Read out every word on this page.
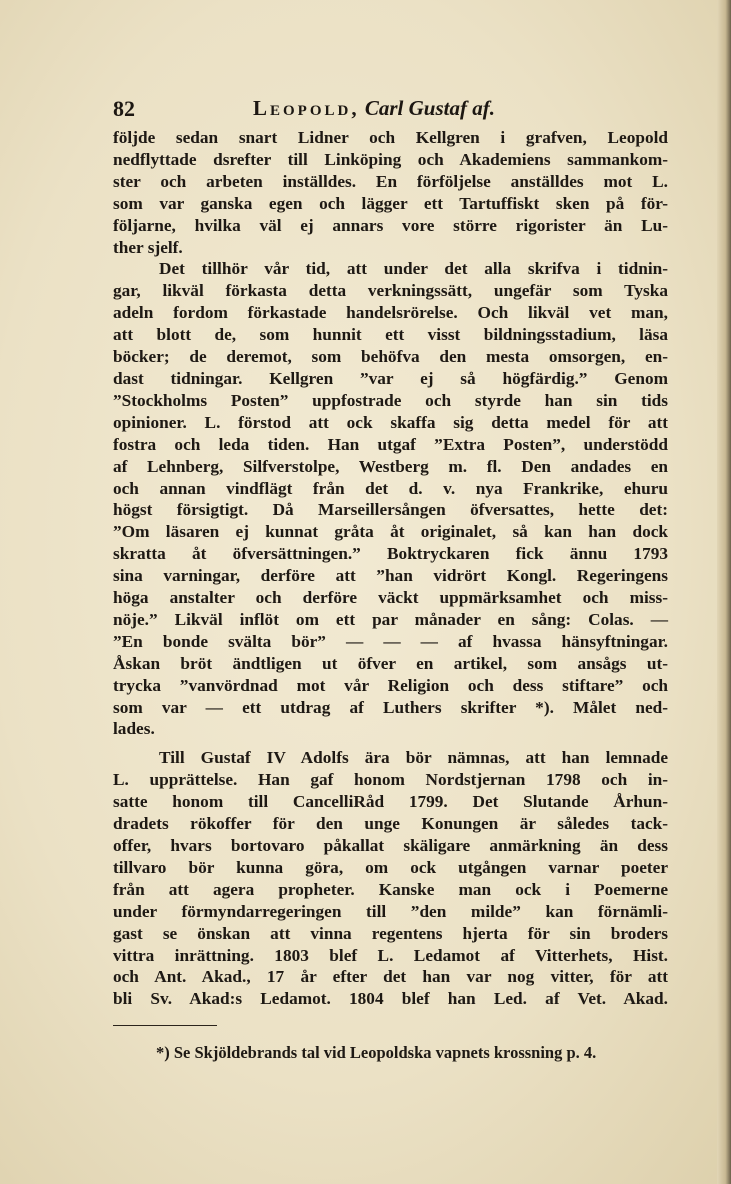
82	Leopold, Carl Gustaf af.

följde sedan snart Lidner och Kellgren i grafven, Leopold
nedflyttade dsrefter till Linköping och Akademiens sammankom-
ster och arbeten inställdes. En förföljelse anställdes mot L.
som var ganska egen och lägger ett Tartuffiskt sken på för-
följarne, hvilka väl ej annars vore större rigorister än Lu-
ther sjelf.

Det tillhör vår tid, att under det alla skrifva i tidnin-
gar, likväl förkasta detta verkningssätt, ungefär som Tyska
adeln fordom förkastade handelsrörelse. Och likväl vet man,
att blott de, som hunnit ett visst bildningsstadium, läsa
böcker; de deremot, som behöfva den mesta omsorgen, en-
dast tidningar. Kellgren ”var ej så högfärdig.” Genom
”Stockholms Posten” uppfostrade och styrde han sin tids
opinioner. L. förstod att ock skaffa sig detta medel för att
fostra och leda tiden. Han utgaf ”Extra Posten”, understödd
af Lehnberg, Silfverstolpe, Westberg m. fl. Den andades en
och annan vindflägt från det d. v. nya Frankrike, ehuru
högst försigtigt. Då Marseillersången öfversattes, hette det:
”Om läsaren ej kunnat gråta åt originalet, så kan han dock
skratta åt öfversättningen.” Boktryckaren fick ännu 1793
sina varningar, derföre att ”han vidrört Kongl. Regeringens
höga anstalter och derföre väckt uppmärksamhet och miss-
nöje.” Likväl inflöt om ett par månader en sång: Colas. —
”En bonde svälta bör” — — — af hvassa hänsyftningar.
Åskan bröt ändtligen ut öfver en artikel, som ansågs ut-
trycka ”vanvördnad mot vår Religion och dess stiftare” och
som var — ett utdrag af Luthers skrifter *). Målet ned-
lades.

Till Gustaf IV Adolfs ära bör nämnas, att han lemnade
L. upprättelse. Han gaf honom Nordstjernan 1798 och in-
satte honom till CancelliRåd 1799. Det Slutande Århun-
dradets rökoffer för den unge Konungen är således tack-
offer, hvars bortovaro påkallat skäligare anmärkning än dess
tillvaro bör kunna göra, om ock utgången varnar poeter
från att agera propheter. Kanske man ock i Poemerne
under förmyndarregeringen till ”den milde” kan förnämli-
gast se önskan att vinna regentens hjerta för sin broders
vittra inrättning. 1803 blef L. Ledamot af Vitterhets, Hist.
och Ant. Akad., 17 år efter det han var nog vitter, för att
bli Sv. Akad:s Ledamot. 1804 blef han Led. af Vet. Akad.

*) Se Skjöldebrands tal vid Leopoldska vapnets krossning p. 4.
